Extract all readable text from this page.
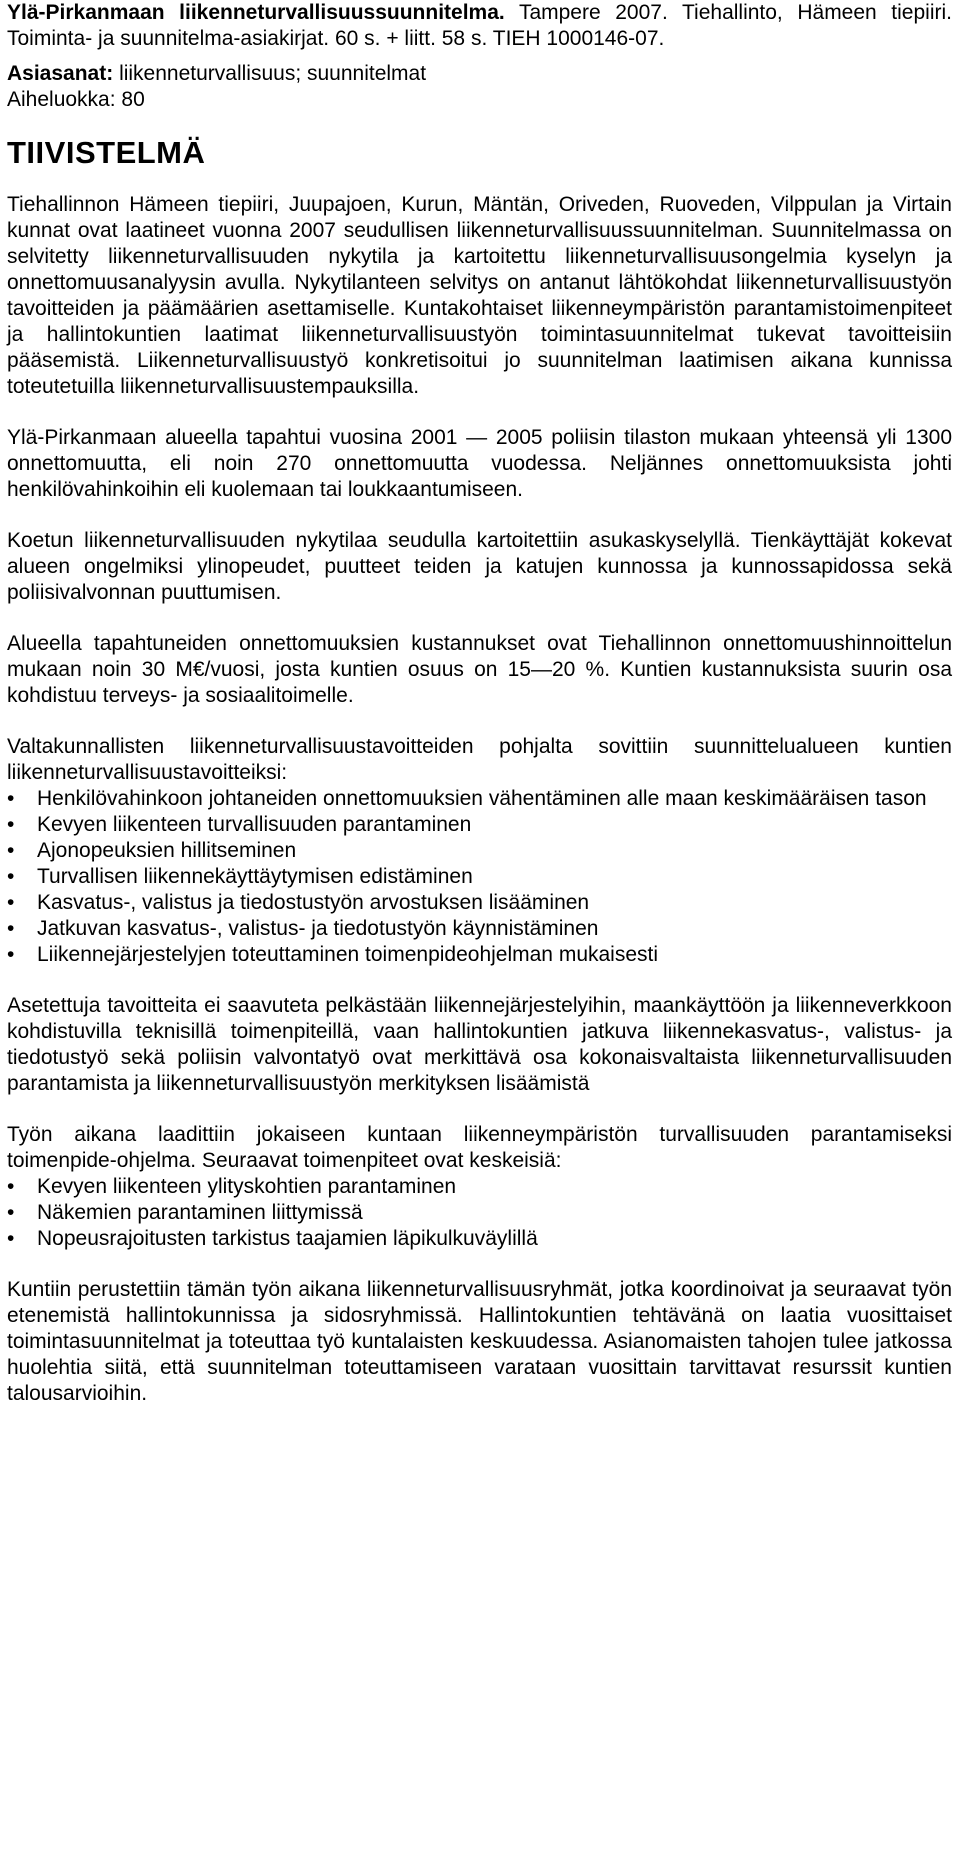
Ylä-Pirkanmaan liikenneturvallisuussuunnitelma. Tampere 2007. Tiehallinto, Hämeen tiepiiri. Toiminta- ja suunnitelma-asiakirjat. 60 s. + liitt. 58 s. TIEH 1000146-07.
Asiasanat: liikenneturvallisuus; suunnitelmat
Aiheluokka: 80
TIIVISTELMÄ

Tiehallinnon Hämeen tiepiiri, Juupajoen, Kurun, Mäntän, Oriveden, Ruoveden, Vilppulan ja Virtain kunnat ovat laatineet vuonna 2007 seudullisen liikenneturvallisuussuunnitelman. Suunnitelmassa on selvitetty liikenneturvallisuuden nykytila ja kartoitettu liikenneturvallisuusongelmia kyselyn ja onnettomuusanalyysin avulla. Nykytilanteen selvitys on antanut lähtökohdat liikenneturvallisuustyön tavoitteiden ja päämäärien asettamiselle. Kuntakohtaiset liikenneympäristön parantamistoimenpiteet ja hallintokuntien laatimat liikenneturvallisuustyön toimintasuunnitelmat tukevat tavoitteisiin pääsemistä. Liikenneturvallisuustyö konkretisoitui jo suunnitelman laatimisen aikana kunnissa toteutetuilla liikenneturvallisuustempauksilla.

Ylä-Pirkanmaan alueella tapahtui vuosina 2001 — 2005 poliisin tilaston mukaan yhteensä yli 1300 onnettomuutta, eli noin 270 onnettomuutta vuodessa. Neljännes onnettomuuksista johti henkilövahinkoihin eli kuolemaan tai loukkaantumiseen.

Koetun liikenneturvallisuuden nykytilaa seudulla kartoitettiin asukaskyselyllä. Tienkäyttäjät kokevat alueen ongelmiksi ylinopeudet, puutteet teiden ja katujen kunnossa ja kunnossapidossa sekä poliisivalvonnan puuttumisen.

Alueella tapahtuneiden onnettomuuksien kustannukset ovat Tiehallinnon onnettomuushinnoittelun mukaan noin 30 M€/vuosi, josta kuntien osuus on 15—20 %. Kuntien kustannuksista suurin osa kohdistuu terveys- ja sosiaalitoimelle.

Valtakunnallisten liikenneturvallisuustavoitteiden pohjalta sovittiin suunnittelualueen kuntien liikenneturvallisuustavoitteiksi:

•	Henkilövahinkoon johtaneiden onnettomuuksien vähentäminen alle maan keskimääräisen tason
•	Kevyen liikenteen turvallisuuden parantaminen
•	Ajonopeuksien hillitseminen
•	Turvallisen liikennekäyttäytymisen edistäminen
•	Kasvatus-, valistus ja tiedostustyön arvostuksen lisääminen
•	Jatkuvan kasvatus-, valistus- ja tiedotustyön käynnistäminen
•	Liikennejärjestelyjen toteuttaminen toimenpideohjelman mukaisesti

Asetettuja tavoitteita ei saavuteta pelkästään liikennejärjestelyihin, maankäyttöön ja liikenneverkkoon kohdistuvilla teknisillä toimenpiteillä, vaan hallintokuntien jatkuva liikennekasvatus-, valistus- ja tiedotustyö sekä poliisin valvontatyö ovat merkittävä osa kokonaisvaltaista liikenneturvallisuuden parantamista ja liikenneturvallisuustyön merkityksen lisäämistä

Työn aikana laadittiin jokaiseen kuntaan liikenneympäristön turvallisuuden parantamiseksi toimenpide-ohjelma. Seuraavat toimenpiteet ovat keskeisiä:

•	Kevyen liikenteen ylityskohtien parantaminen
•	Näkemien parantaminen liittymissä
•	Nopeusrajoitusten tarkistus taajamien läpikulkuväylillä

Kuntiin perustettiin tämän työn aikana liikenneturvallisuusryhmät, jotka koordinoivat ja seuraavat työn etenemistä hallintokunnissa ja sidosryhmissä. Hallintokuntien tehtävänä on laatia vuosittaiset toimintasuunnitelmat ja toteuttaa työ kuntalaisten keskuudessa. Asianomaisten tahojen tulee jatkossa huolehtia siitä, että suunnitelman toteuttamiseen varataan vuosittain tarvittavat resurssit kuntien talousarvioihin.
